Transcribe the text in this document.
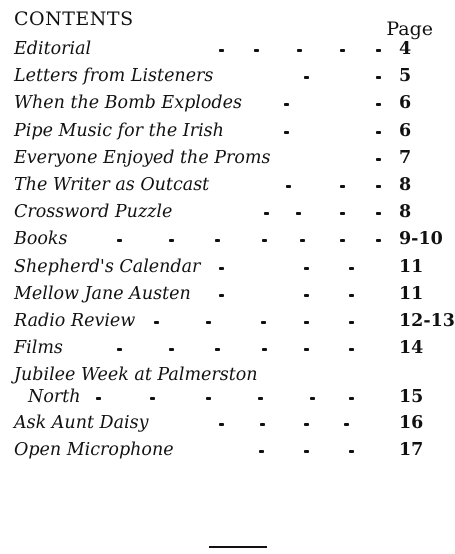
CONTENTS	Page
Editorial	4
Letters from Listeners	5
When the Bomb Explodes	6
Pipe Music for the Irish	6
Everyone Enjoyed the Proms	7
The Writer as Outcast	8
Crossword Puzzle	8
Books	9-10
Shepherd's Calendar	11
Mellow Jane Austen	11
Radio Review	12-13
Films	14
Jubilee Week at Palmerston
North	15
Ask Aunt Daisy	16
Open Microphone	17
